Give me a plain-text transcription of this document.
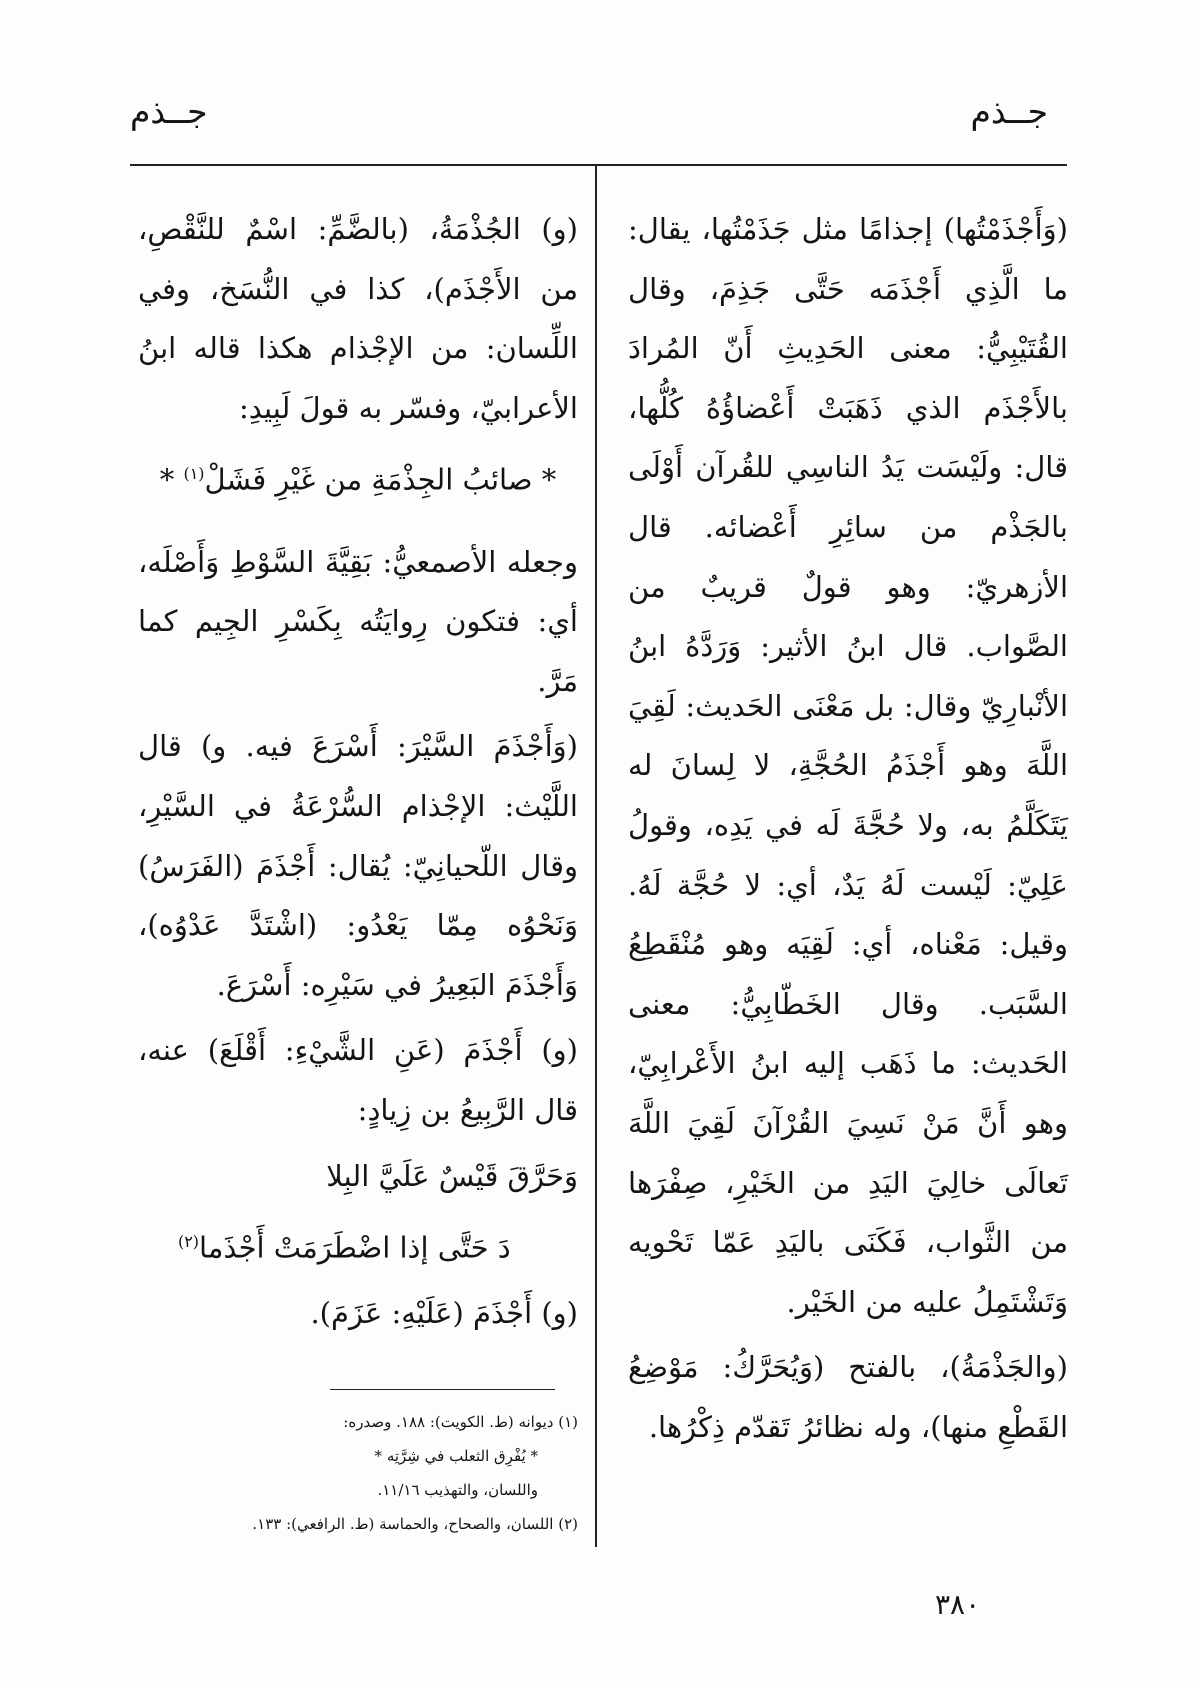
جــذم
جــذم

(وَأَجْذَمْتُها) إجذامًا مثل جَذَمْتُها، يقال: ما الَّذِي أَجْذَمَه حَتَّى جَذِمَ، وقال القُتَيْبِيُّ: معنى الحَدِيثِ أَنّ المُرادَ بالأَجْذَم الذي ذَهَبَتْ أَعْضاؤُهُ كُلُّها، قال: ولَيْسَت يَدُ الناسِي للقُرآن أَوْلَى بالجَذْم من سائِرِ أَعْضائه. قال الأزهريّ: وهو قولٌ قريبٌ من الصَّواب. قال ابنُ الأثير: وَرَدَّهُ ابنُ الأنْبارِيّ وقال: بل مَعْنَى الحَديث: لَقِيَ اللَّهَ وهو أَجْذَمُ الحُجَّةِ، لا لِسانَ له يَتَكَلَّمُ به، ولا حُجَّةَ لَه في يَدِه، وقولُ عَلِيّ: لَيْست لَهُ يَدٌ، أي: لا حُجَّة لَهُ. وقيل: مَعْناه، أي: لَقِيَه وهو مُنْقَطِعُ السَّبَب. وقال الخَطّابِيُّ: معنى الحَديث: ما ذَهَب إليه ابنُ الأَعْرابِيّ، وهو أَنَّ مَنْ نَسِيَ القُرْآنَ لَقِيَ اللَّهَ تَعالَى خالِيَ اليَدِ من الخَيْرِ، صِفْرَها من الثَّواب، فَكَنَى باليَدِ عَمّا تَحْويه وَتَشْتَمِلُ عليه من الخَيْر.

(والجَذْمَةُ)، بالفتح (وَيُحَرَّكُ: مَوْضِعُ القَطْعِ منها)، وله نظائرُ تَقدّم ذِكْرُها.

(و) الجُذْمَةُ، (بالضَّمِّ: اسْمٌ للنَّقْصِ، من الأَجْذَم)، كذا في النُّسَخ، وفي اللِّسان: من الإجْذام هكذا قاله ابنُ الأعرابيّ، وفسّر به قولَ لَبِيدِ:

* صائبُ الجِذْمَةِ من غَيْرِ فَشَلْ$^{(١)}$ *

وجعله الأصمعيُّ: بَقِيَّةَ السَّوْطِ وَأَصْلَه، أي: فتكون رِوايَتُه بِكَسْرِ الجِيم كما مَرَّ.

(وَأَجْذَمَ السَّيْرَ: أَسْرَعَ فيه. و) قال اللَّيْث: الإجْذام السُّرْعَةُ في السَّيْرِ، وقال اللّحيانِيّ: يُقال: أَجْذَمَ (الفَرَسُ) وَنَحْوُه مِمّا يَعْدُو: (اشْتَدَّ عَدْوُه)، وَأَجْذَمَ البَعِيرُ في سَيْرِه: أَسْرَعَ.

(و) أَجْذَمَ (عَنِ الشَّيْءِ: أَقْلَعَ) عنه، قال الرَّبِيعُ بن زِيادٍ:

وَحَرَّقَ قَيْسٌ عَلَيَّ البِلا

دَ حَتَّى إذا اضْطَرَمَتْ أَجْذَما$^{(٢)}$

(و) أَجْذَمَ (عَلَيْهِ: عَزَمَ).

(١) ديوانه (ط. الكويت): ١٨٨. وصدره:

* يُفْرِق الثعلب في شِرَّتِه *

واللسان، والتهذيب ١١/١٦.

(٢) اللسان، والصحاح، والحماسة (ط. الرافعي): ١٣٣.

٣٨٠
